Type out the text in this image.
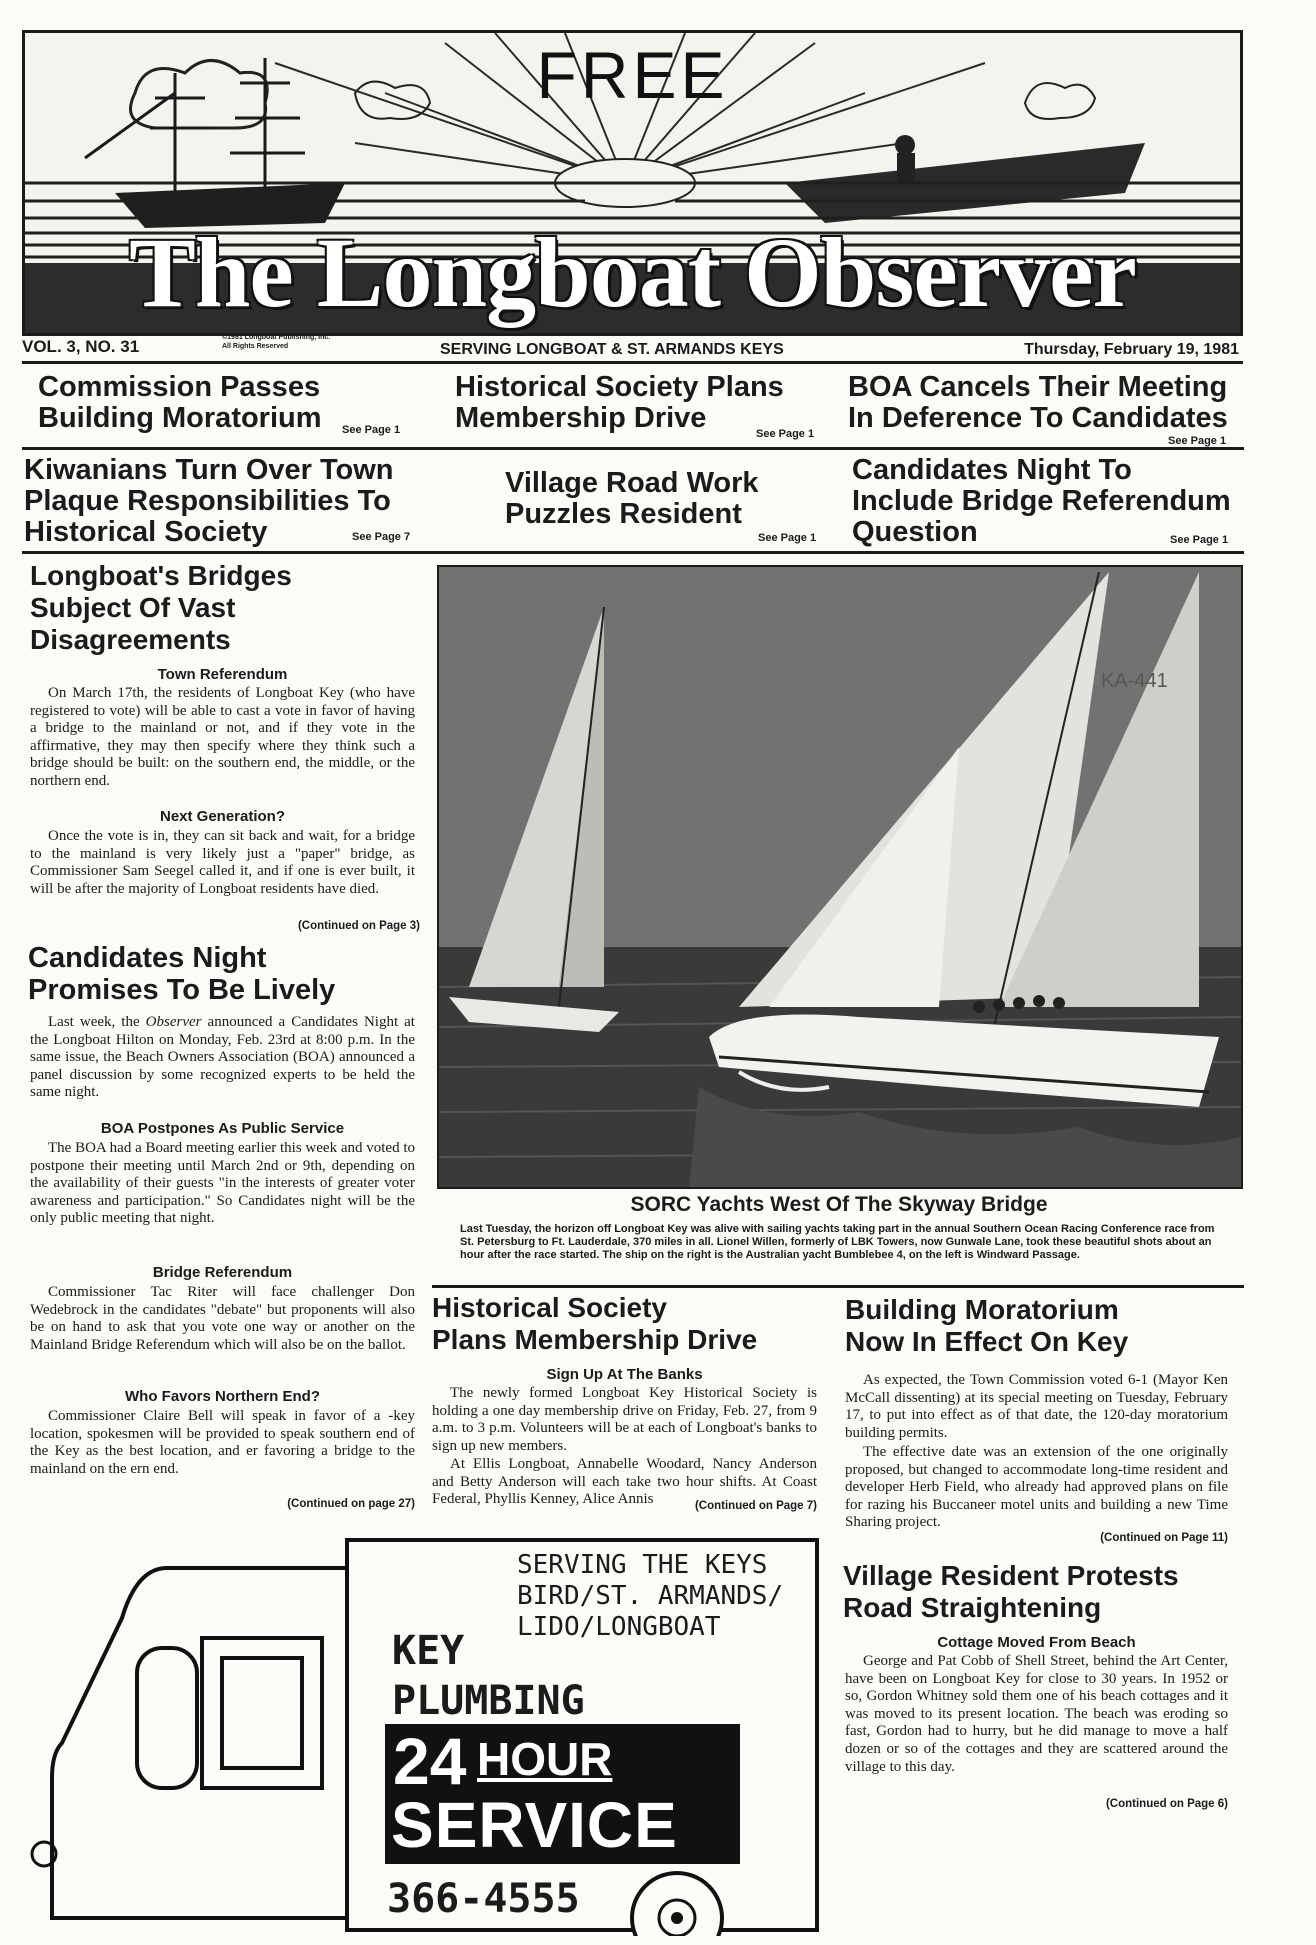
FREE
The Longboat Observer
VOL. 3, NO. 31	©1981 Longboat Publishing, Inc.
All Rights Reserved	SERVING LONGBOAT & ST. ARMANDS KEYS	Thursday, February 19, 1981
Commission Passes
Building Moratorium See Page 1
Historical Society Plans
Membership Drive	See Page 1
BOA Cancels Their Meeting
In Deference To Candidates
See Page 1
Kiwanians Turn Over Town
Plaque Responsibilities To
Historical Society	See Page 7
Village Road Work
Puzzles Resident
See Page 1
Candidates Night To
Include Bridge Referendum
Question	See Page 1
Longboat's Bridges
Subject Of Vast
Disagreements
Town Referendum
On March 17th, the residents of Longboat Key (who have registered to vote) will be able to cast a vote in favor of having a bridge to the mainland or not, and if they vote in the affirmative, they may then specify where they think such a bridge should be built: on the southern end, the middle, or the northern end.
Next Generation?
Once the vote is in, they can sit back and wait, for a bridge to the mainland is very likely just a "paper" bridge, as Commissioner Sam Seegel called it, and if one is ever built, it will be after the majority of Longboat residents have died.
(Continued on Page 3)
Candidates Night
Promises To Be Lively
Last week, the Observer announced a Candidates Night at the Longboat Hilton on Monday, Feb. 23rd at 8:00 p.m. In the same issue, the Beach Owners Association (BOA) announced a panel discussion by some recognized experts to be held the same night.
BOA Postpones As Public Service
The BOA had a Board meeting earlier this week and voted to postpone their meeting until March 2nd or 9th, depending on the availability of their guests "in the interests of greater voter awareness and participation." So Candidates night will be the only public meeting that night.
Bridge Referendum
Commissioner Tac Riter will face challenger Don Wedebrock in the candidates "debate" but proponents will also be on hand to ask that you vote one way or another on the Mainland Bridge Referendum which will also be on the ballot.
Who Favors Northern End?
Commissioner Claire Bell will speak in favor of a -key location, spokesmen will be provided to speak southern end of the Key as the best location, and er favoring a bridge to the mainland on the ern end.
(Continued on page 27)
KA-441
SORC Yachts West Of The Skyway Bridge
Last Tuesday, the horizon off Longboat Key was alive with sailing yachts taking part in the annual Southern Ocean Racing Conference race from St. Petersburg to Ft. Lauderdale, 370 miles in all. Lionel Willen, formerly of LBK Towers, now Gunwale Lane, took these beautiful shots about an hour after the race started. The ship on the right is the Australian yacht Bumblebee 4, on the left is Windward Passage.
Historical Society
Plans Membership Drive
Sign Up At The Banks
The newly formed Longboat Key Historical Society is holding a one day membership drive on Friday, Feb. 27, from 9 a.m. to 3 p.m. Volunteers will be at each of Longboat's banks to sign up new members.
At Ellis Longboat, Annabelle Woodard, Nancy Anderson and Betty Anderson will each take two hour shifts. At Coast Federal, Phyllis Kenney, Alice Annis	(Continued on Page 7)
Building Moratorium
Now In Effect On Key
As expected, the Town Commission voted 6-1 (Mayor Ken McCall dissenting) at its special meeting on Tuesday, February 17, to put into effect as of that date, the 120-day moratorium building permits.
The effective date was an extension of the one originally proposed, but changed to accommodate long-time resident and developer Herb Field, who already had approved plans on file for razing his Buccaneer motel units and building a new Time Sharing project.
(Continued on Page 11)
Village Resident Protests
Road Straightening
Cottage Moved From Beach
George and Pat Cobb of Shell Street, behind the Art Center, have been on Longboat Key for close to 30 years. In 1952 or so, Gordon Whitney sold them one of his beach cottages and it was moved to its present location. The beach was eroding so fast, Gordon had to hurry, but he did manage to move a half dozen or so of the cottages and they are scattered around the village to this day.
(Continued on Page 6)
SERVING THE KEYS
BIRD/ST. ARMANDS/
LIDO/LONGBOAT
KEY
PLUMBING
24 HOUR
SERVICE
366-4555
